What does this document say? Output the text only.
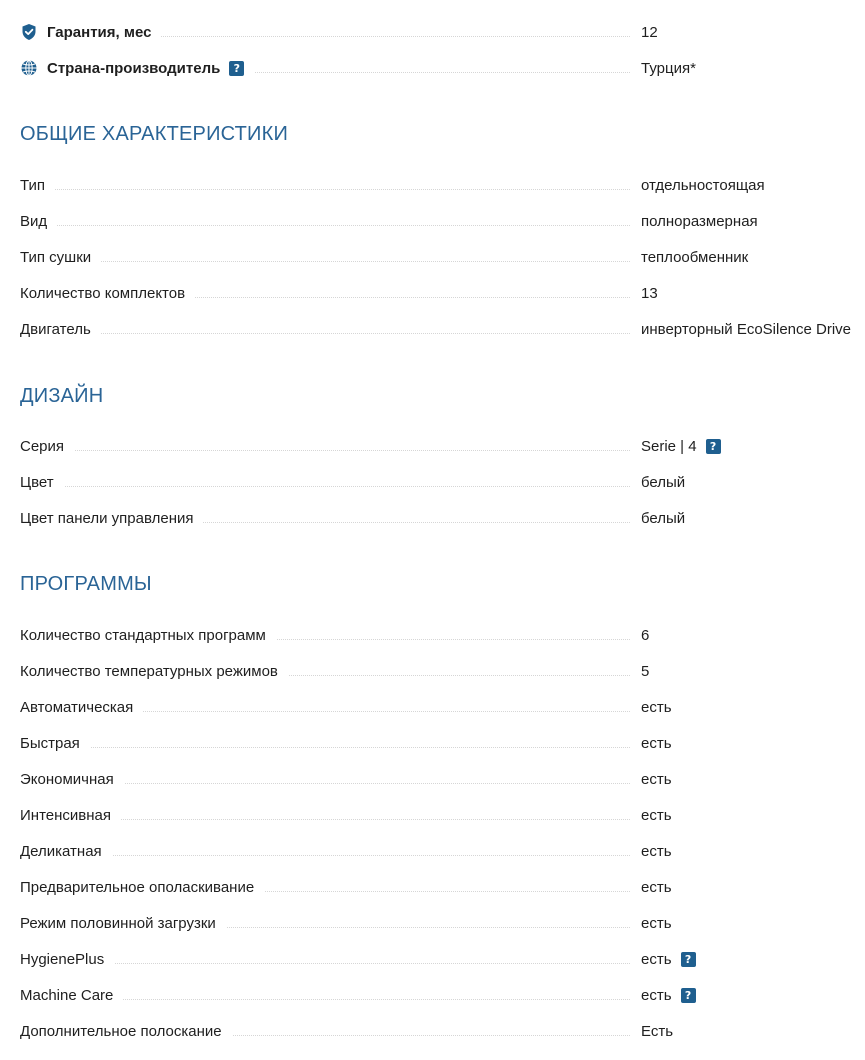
Гарантия, мес	12
Страна-производитель	?	Турция*
ОБЩИЕ ХАРАКТЕРИСТИКИ
Тип	отдельностоящая
Вид	полноразмерная
Тип сушки	теплообменник
Количество комплектов	13
Двигатель	инверторный EcoSilence Drive
ДИЗАЙН
Серия	Serie | 4	?
Цвет	белый
Цвет панели управления	белый
ПРОГРАММЫ
Количество стандартных программ	6
Количество температурных режимов	5
Автоматическая	есть
Быстрая	есть
Экономичная	есть
Интенсивная	есть
Деликатная	есть
Предварительное ополаскивание	есть
Режим половинной загрузки	есть
HygienePlus	есть	?
Machine Care	есть	?
Дополнительное полоскание	Есть
